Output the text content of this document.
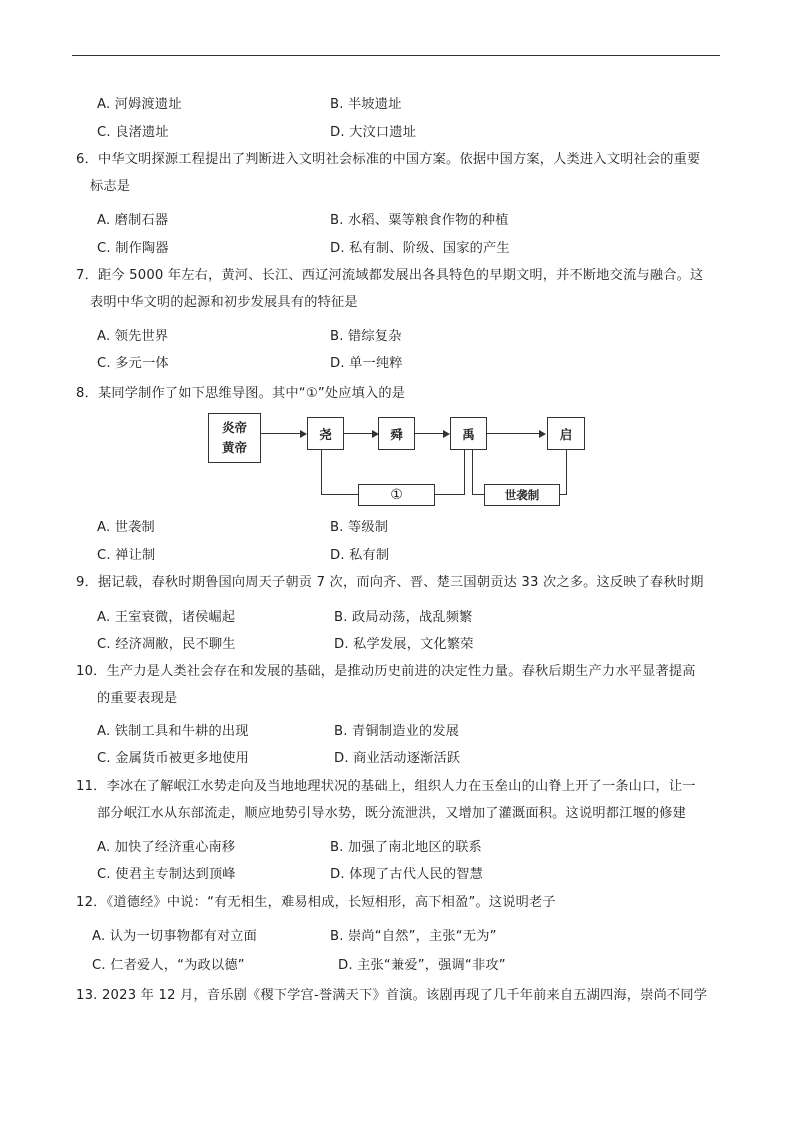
A. 河姆渡遗址	B. 半坡遗址
C. 良渚遗址	D. 大汶口遗址
6．中华文明探源工程提出了判断进入文明社会标准的中国方案。依据中国方案，人类进入文明社会的重要
标志是
A. 磨制石器	B. 水稻、粟等粮食作物的种植
C. 制作陶器	D. 私有制、阶级、国家的产生
7．距今 5000 年左右，黄河、长江、西辽河流域都发展出各具特色的早期文明，并不断地交流与融合。这
表明中华文明的起源和初步发展具有的特征是
A. 领先世界	B. 错综复杂
C. 多元一体	D. 单一纯粹
8．某同学制作了如下思维导图。其中“①”处应填入的是
炎帝
黄帝
尧	舜	禹	启
①	世袭制
A. 世袭制	B. 等级制
C. 禅让制	D. 私有制
9．据记载，春秋时期鲁国向周天子朝贡 7 次，而向齐、晋、楚三国朝贡达 33 次之多。这反映了春秋时期
A. 王室衰微，诸侯崛起	B. 政局动荡，战乱频繁
C. 经济凋敝，民不聊生	D. 私学发展，文化繁荣
10．生产力是人类社会存在和发展的基础，是推动历史前进的决定性力量。春秋后期生产力水平显著提高
的重要表现是
A. 铁制工具和牛耕的出现	B. 青铜制造业的发展
C. 金属货币被更多地使用	D. 商业活动逐渐活跃
11．李冰在了解岷江水势走向及当地地理状况的基础上，组织人力在玉垒山的山脊上开了一条山口，让一
部分岷江水从东部流走，顺应地势引导水势，既分流泄洪，又增加了灌溉面积。这说明都江堰的修建
A. 加快了经济重心南移	B. 加强了南北地区的联系
C. 使君主专制达到顶峰	D. 体现了古代人民的智慧
12．《道德经》中说：“有无相生，难易相成，长短相形，高下相盈”。这说明老子
A. 认为一切事物都有对立面	B. 崇尚“自然”，主张“无为”
C. 仁者爱人，“为政以德”	D. 主张“兼爱”，强调“非攻”
13. 2023 年 12 月，音乐剧《稷下学宫-誉满天下》首演。该剧再现了几千年前来自五湖四海，崇尚不同学
